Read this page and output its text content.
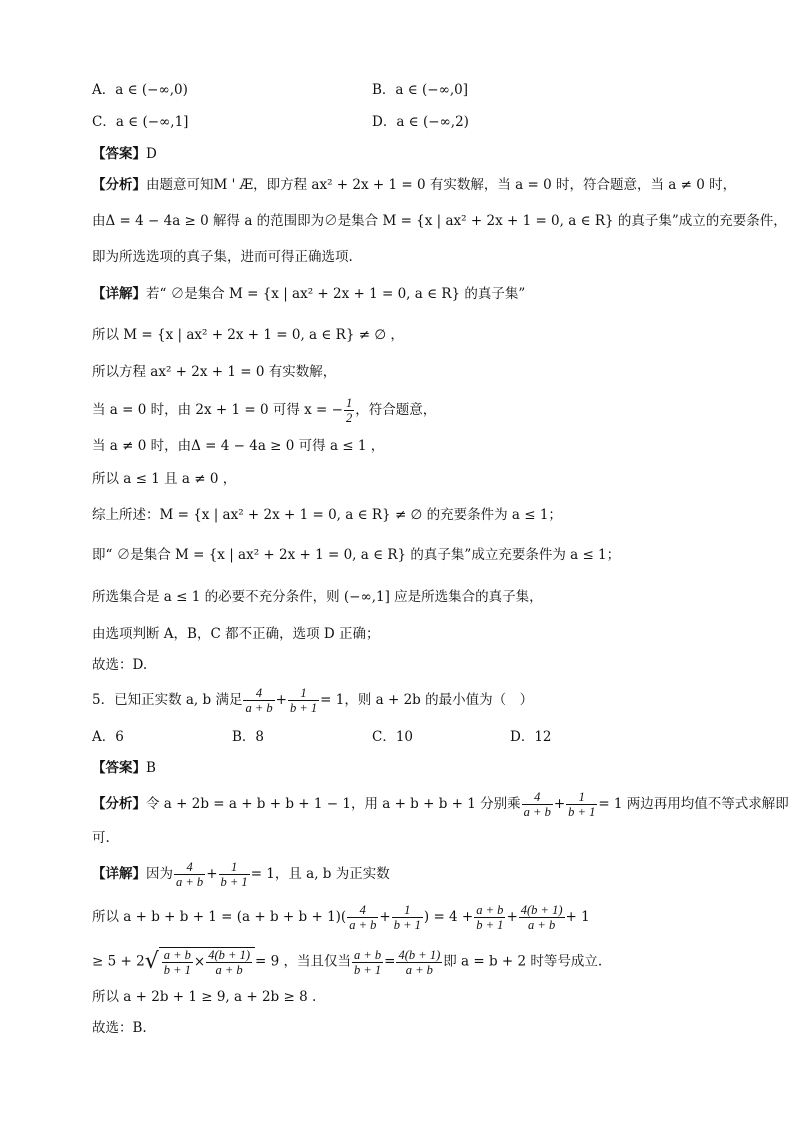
A．a ∈ (−∞,0)	B．a ∈ (−∞,0]
C．a ∈ (−∞,1]	D．a ∈ (−∞,2)
【答案】D
【分析】由题意可知M ' Æ，即方程 ax² + 2x + 1 = 0 有实数解，当 a = 0 时，符合题意，当 a ≠ 0 时，
由Δ = 4 − 4a ≥ 0 解得 a 的范围即为∅是集合 M = {x | ax² + 2x + 1 = 0, a ∈ R} 的真子集”成立的充要条件，
即为所选选项的真子集，进而可得正确选项.
【详解】若“ ∅是集合 M = {x | ax² + 2x + 1 = 0, a ∈ R} 的真子集”
所以 M = {x | ax² + 2x + 1 = 0, a ∈ R} ≠ ∅ ，
所以方程 ax² + 2x + 1 = 0 有实数解，
当 a = 0 时，由 2x + 1 = 0 可得 x = − $\frac{1}{2}$ ，符合题意，
当 a ≠ 0 时，由Δ = 4 − 4a ≥ 0 可得 a ≤ 1 ，
所以 a ≤ 1 且 a ≠ 0 ，
综上所述：M = {x | ax² + 2x + 1 = 0, a ∈ R} ≠ ∅ 的充要条件为 a ≤ 1；
即“ ∅是集合 M = {x | ax² + 2x + 1 = 0, a ∈ R} 的真子集”成立充要条件为 a ≤ 1；
所选集合是 a ≤ 1 的必要不充分条件，则 (−∞,1] 应是所选集合的真子集，
由选项判断 A，B，C 都不正确，选项 D 正确；
故选：D.
5．已知正实数 a, b 满足 $\frac{4}{a + b} + \frac{1}{b + 1} = 1$，则 a + 2b 的最小值为（　）
A．6	B．8	C．10	D．12
【答案】B
【分析】令 a + 2b = a + b + b + 1 − 1，用 a + b + b + 1 分别乘 $\frac{4}{a + b} + \frac{1}{b + 1} = 1$ 两边再用均值不等式求解即
可.
【详解】因为 $\frac{4}{a + b} + \frac{1}{b + 1} = 1$，且 a, b 为正实数
所以 $a + b + b + 1 = (a + b + b + 1)( \frac{4}{a + b} + \frac{1}{b + 1}$ ) = $4 + \frac{a + b}{b + 1} + \frac{4(b + 1)}{a + b} + 1$
≥ $5 + 2√ \frac{a + b}{b + 1} \times \frac{4(b + 1)}{a + b} = 9$ ，当且仅当 $\frac{a + b}{b + 1} = \frac{4(b + 1)}{a + b}$ 即 a = b + 2 时等号成立.
所以 a + 2b + 1 ≥ 9, a + 2b ≥ 8 .
故选：B.
